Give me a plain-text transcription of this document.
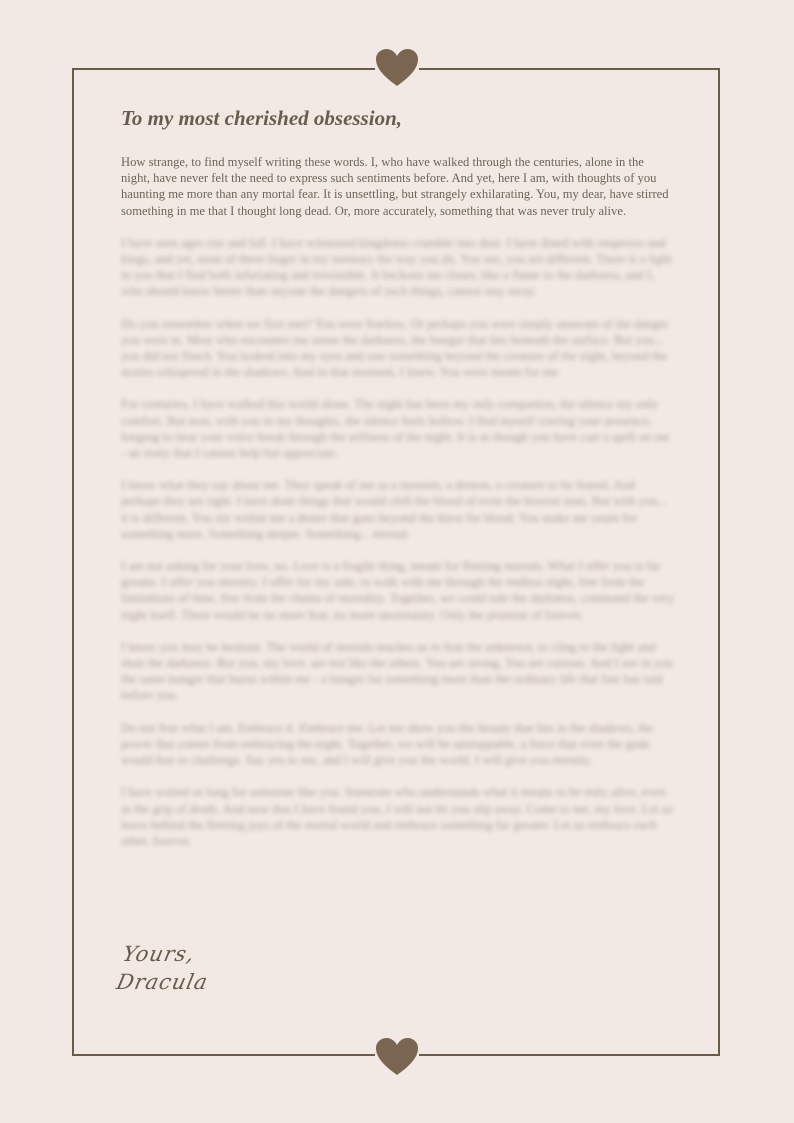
To my most cherished obsession,

How strange, to find myself writing these words. I, who have walked through the centuries, alone in the night, have never felt the need to express such sentiments before. And yet, here I am, with thoughts of you haunting me more than any mortal fear. It is unsettling, but strangely exhilarating. You, my dear, have stirred something in me that I thought long dead. Or, more accurately, something that was never truly alive.

I have seen ages rise and fall. I have witnessed kingdoms crumble into dust. I have dined with emperors and kings, and yet, none of them linger in my memory the way you do. You see, you are different. There is a light in you that I find both infuriating and irresistible. It beckons me closer, like a flame to the darkness, and I, who should know better than anyone the dangers of such things, cannot stay away.

Do you remember when we first met? You were fearless. Or perhaps you were simply unaware of the danger you were in. Most who encounter me sense the darkness, the hunger that lies beneath the surface. But you... you did not flinch. You looked into my eyes and saw something beyond the creature of the night, beyond the stories whispered in the shadows. And in that moment, I knew. You were meant for me.

For centuries, I have walked this world alone. The night has been my only companion, the silence my only comfort. But now, with you in my thoughts, the silence feels hollow. I find myself craving your presence, longing to hear your voice break through the stillness of the night. It is as though you have cast a spell on me - an irony that I cannot help but appreciate.

I know what they say about me. They speak of me as a monster, a demon, a creature to be feared. And perhaps they are right. I have done things that would chill the blood of even the bravest man. But with you... it is different. You stir within me a desire that goes beyond the thirst for blood. You make me yearn for something more. Something deeper. Something... eternal.

I am not asking for your love, no. Love is a fragile thing, meant for fleeting mortals. What I offer you is far greater. I offer you eternity. I offer for my side, to walk with me through the endless night, free from the limitations of time, free from the chains of mortality. Together, we could rule the darkness, command the very night itself. There would be no more fear, no more uncertainty. Only the promise of forever.

I know you may be hesitant. The world of mortals teaches us to fear the unknown, to cling to the light and shun the darkness. But you, my love, are not like the others. You are strong. You are curious. And I see in you the same hunger that burns within me - a hunger for something more than the ordinary life that fate has laid before you.

Do not fear what I am. Embrace it. Embrace me. Let me show you the beauty that lies in the shadows, the power that comes from embracing the night. Together, we will be unstoppable, a force that even the gods would fear to challenge. Say yes to me, and I will give you the world. I will give you eternity.

I have waited so long for someone like you. Someone who understands what it means to be truly alive, even in the grip of death. And now that I have found you, I will not let you slip away. Come to me, my love. Let us leave behind the fleeting joys of the mortal world and embrace something far greater. Let us embrace each other, forever.

Yours,
Dracula
